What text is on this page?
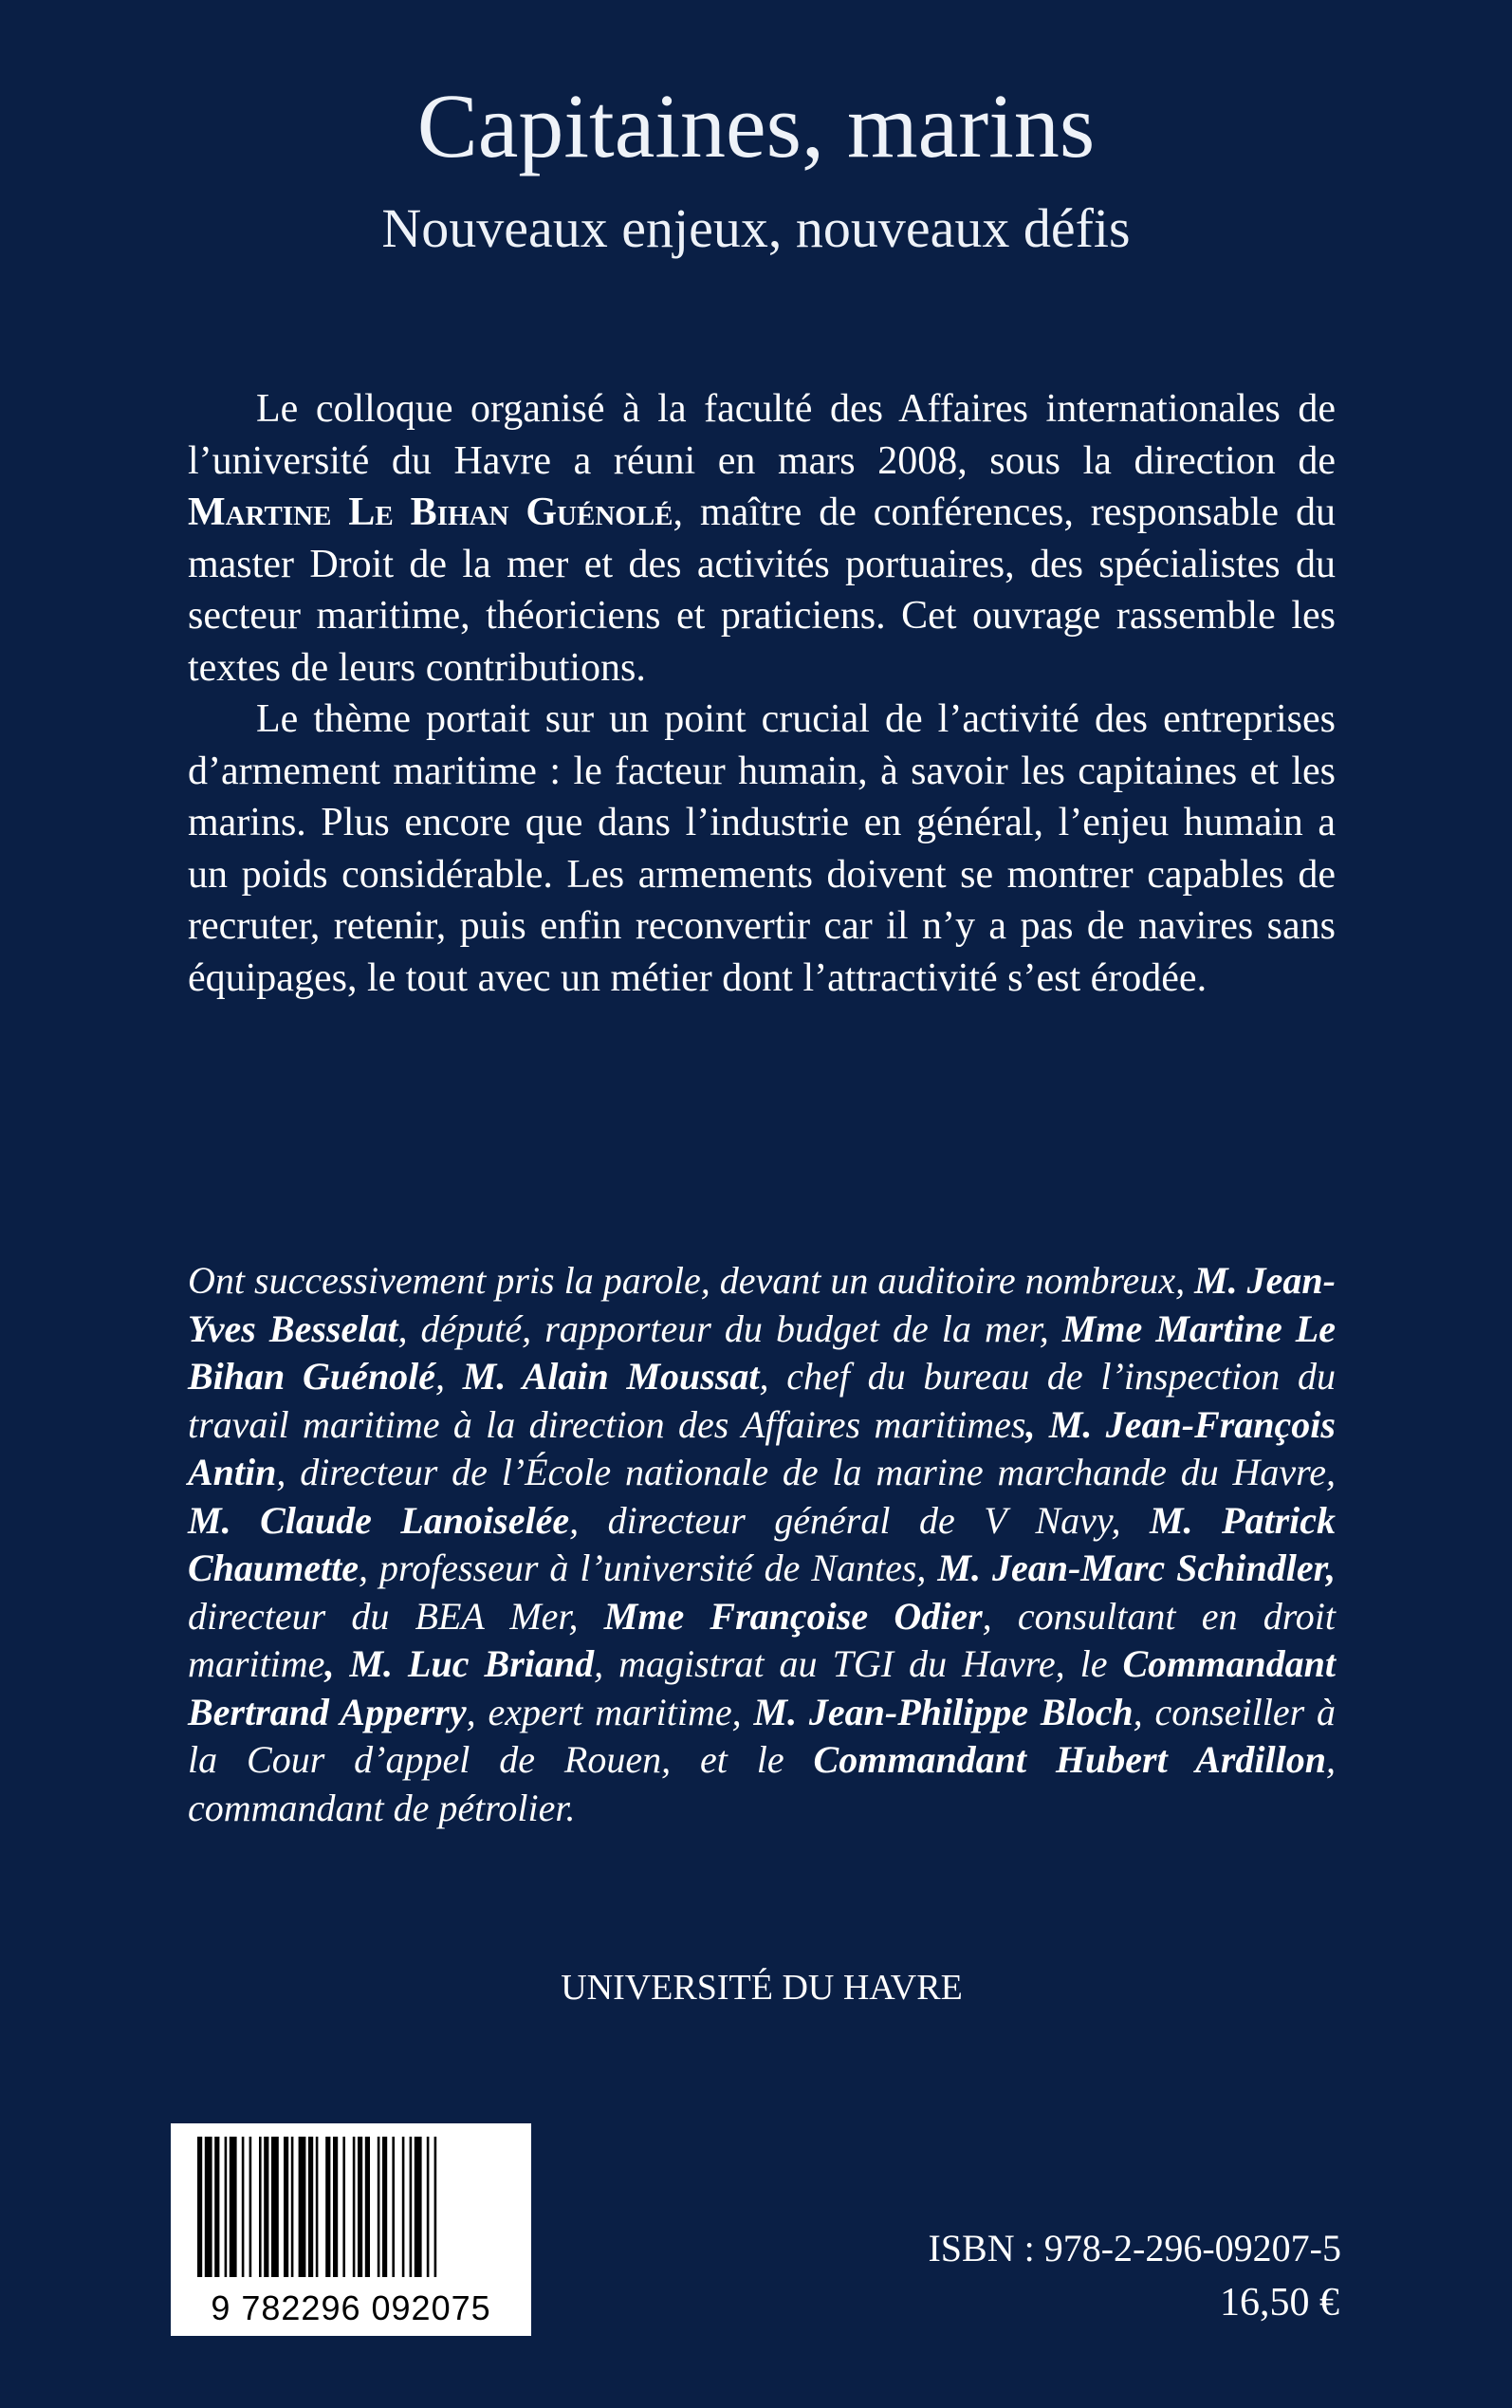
Capitaines, marins
Nouveaux enjeux, nouveaux défis

Le colloque organisé à la faculté des Affaires internationales de l’université du Havre a réuni en mars 2008, sous la direction de Martine Le Bihan Guénolé, maître de conférences, responsable du master Droit de la mer et des activités portuaires, des spécialistes du secteur maritime, théoriciens et praticiens. Cet ouvrage rassemble les textes de leurs contributions.

Le thème portait sur un point crucial de l’activité des entreprises d’armement maritime : le facteur humain, à savoir les capitaines et les marins. Plus encore que dans l’industrie en général, l’enjeu humain a un poids considérable. Les armements doivent se montrer capables de recruter, retenir, puis enfin reconvertir car il n’y a pas de navires sans équipages, le tout avec un métier dont l’attractivité s’est érodée.

Ont successivement pris la parole, devant un auditoire nombreux, M. Jean-Yves Besselat, député, rapporteur du budget de la mer, Mme Martine Le Bihan Guénolé, M. Alain Moussat, chef du bureau de l’inspection du travail maritime à la direction des Affaires maritimes, M. Jean-François Antin, directeur de l’École nationale de la marine marchande du Havre, M. Claude Lanoiselée, directeur général de V Navy, M. Patrick Chaumette, professeur à l’université de Nantes, M. Jean-Marc Schindler, directeur du BEA Mer, Mme Françoise Odier, consultant en droit maritime, M. Luc Briand, magistrat au TGI du Havre, le Commandant Bertrand Apperry, expert maritime, M. Jean-Philippe Bloch, conseiller à la Cour d’appel de Rouen, et le Commandant Hubert Ardillon, commandant de pétrolier.

UNIVERSITÉ DU HAVRE

9 782296 092075

ISBN : 978-2-296-09207-5

16,50 €
